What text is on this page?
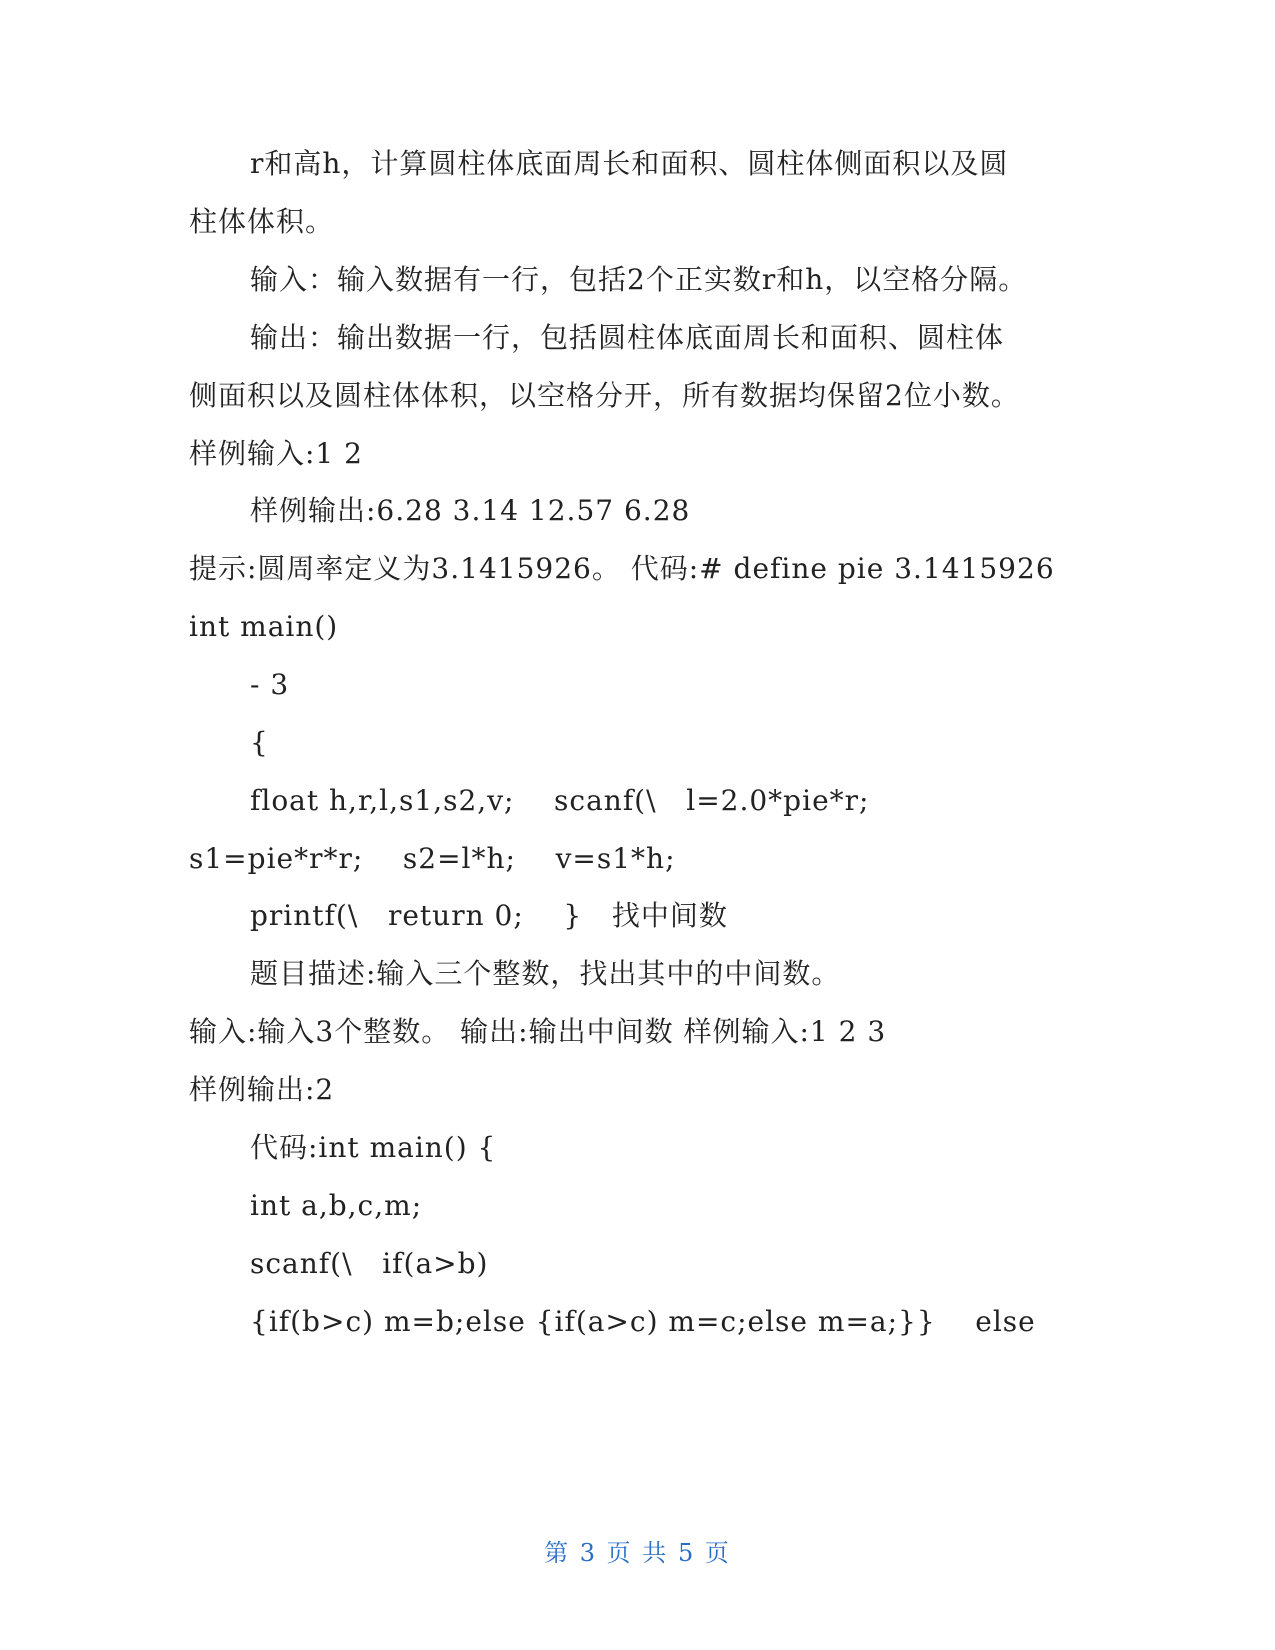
r和高h，计算圆柱体底面周长和面积、圆柱体侧面积以及圆
柱体体积。
输入：输入数据有一行，包括2个正实数r和h，以空格分隔。
输出：输出数据一行，包括圆柱体底面周长和面积、圆柱体
侧面积以及圆柱体体积，以空格分开，所有数据均保留2位小数。
样例输入:1 2
样例输出:6.28 3.14 12.57 6.28
提示:圆周率定义为3.1415926。 代码:# define pie 3.1415926
int main()
- 3
{
float h,r,l,s1,s2,v;    scanf(\   l=2.0*pie*r;
s1=pie*r*r;    s2=l*h;    v=s1*h;
printf(\   return 0;    }   找中间数
题目描述:输入三个整数，找出其中的中间数。
输入:输入3个整数。 输出:输出中间数 样例输入:1 2 3
样例输出:2
代码:int main() {
int a,b,c,m;
scanf(\   if(a>b)
{if(b>c) m=b;else {if(a>c) m=c;else m=a;}}    else
第 3 页 共 5 页
